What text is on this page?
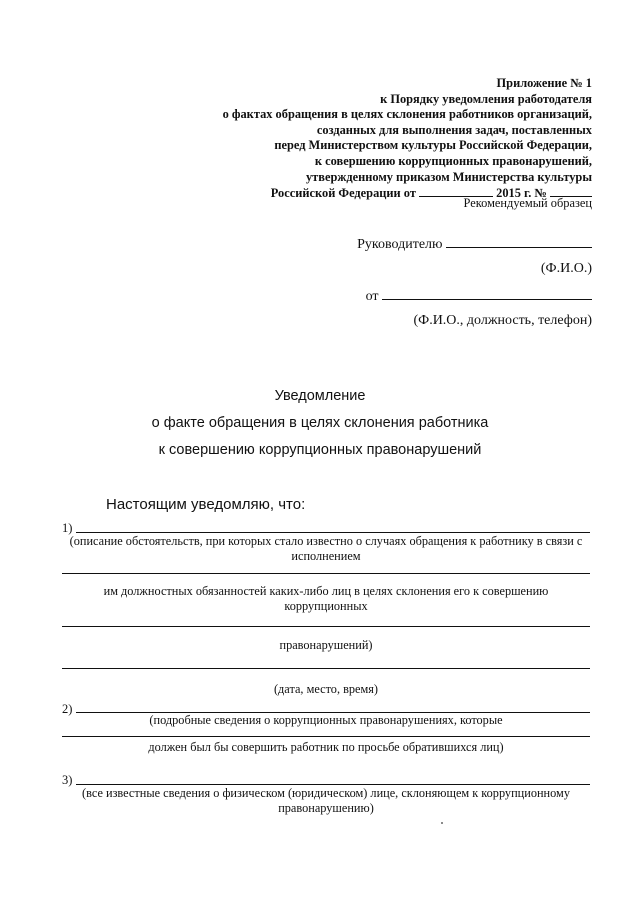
Приложение № 1
к Порядку уведомления работодателя
о фактах обращения в целях склонения работников организаций,
созданных для выполнения задач, поставленных
перед Министерством культуры Российской Федерации,
к совершению коррупционных правонарушений,
утвержденному приказом Министерства культуры
Российской Федерации от	2015 г. №
Рекомендуемый образец
Руководителю
(Ф.И.О.)
от
(Ф.И.О., должность, телефон)
Уведомление
о факте обращения в целях склонения работника
к совершению коррупционных правонарушений
Настоящим уведомляю, что:
1)
(описание обстоятельств, при которых стало известно о случаях обращения к работнику в связи с исполнением
им должностных обязанностей каких-либо лиц в целях склонения его к совершению коррупционных
правонарушений)
(дата, место, время)
2)
(подробные сведения о коррупционных правонарушениях, которые
должен был бы совершить работник по просьбе обратившихся лиц)
3)
(все известные сведения о физическом (юридическом) лице, склоняющем к коррупционному правонарушению)
